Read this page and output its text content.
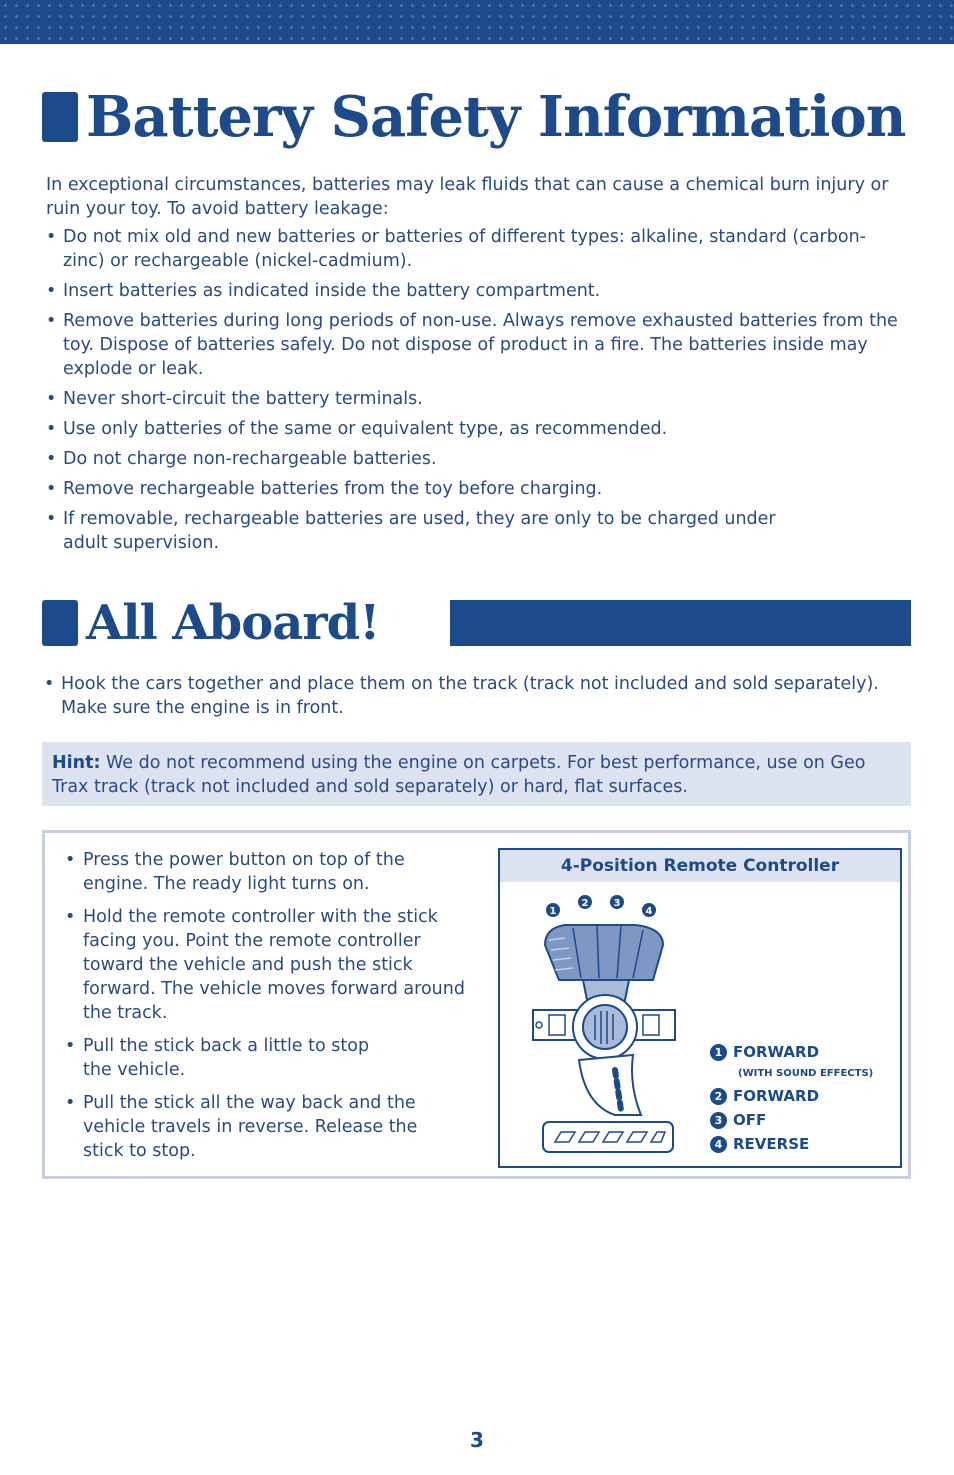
Battery Safety Information

In exceptional circumstances, batteries may leak fluids that can cause a chemical burn injury or ruin your toy. To avoid battery leakage:

• Do not mix old and new batteries or batteries of different types: alkaline, standard (carbon-zinc) or rechargeable (nickel-cadmium).
• Insert batteries as indicated inside the battery compartment.
• Remove batteries during long periods of non-use. Always remove exhausted batteries from the toy. Dispose of batteries safely. Do not dispose of product in a fire. The batteries inside may explode or leak.
• Never short-circuit the battery terminals.
• Use only batteries of the same or equivalent type, as recommended.
• Do not charge non-rechargeable batteries.
• Remove rechargeable batteries from the toy before charging.
• If removable, rechargeable batteries are used, they are only to be charged under adult supervision.
All Aboard!
• Hook the cars together and place them on the track (track not included and sold separately). Make sure the engine is in front.
Hint: We do not recommend using the engine on carpets. For best performance, use on Geo Trax track (track not included and sold separately) or hard, flat surfaces.
• Press the power button on top of the engine. The ready light turns on.
• Hold the remote controller with the stick facing you. Point the remote controller toward the vehicle and push the stick forward. The vehicle moves forward around the track.
• Pull the stick back a little to stop the vehicle.
• Pull the stick all the way back and the vehicle travels in reverse. Release the stick to stop.
4-Position Remote Controller
1
2	3
4
1 FORWARD
(WITH SOUND EFFECTS)
2 FORWARD
3 OFF
4 REVERSE
3
